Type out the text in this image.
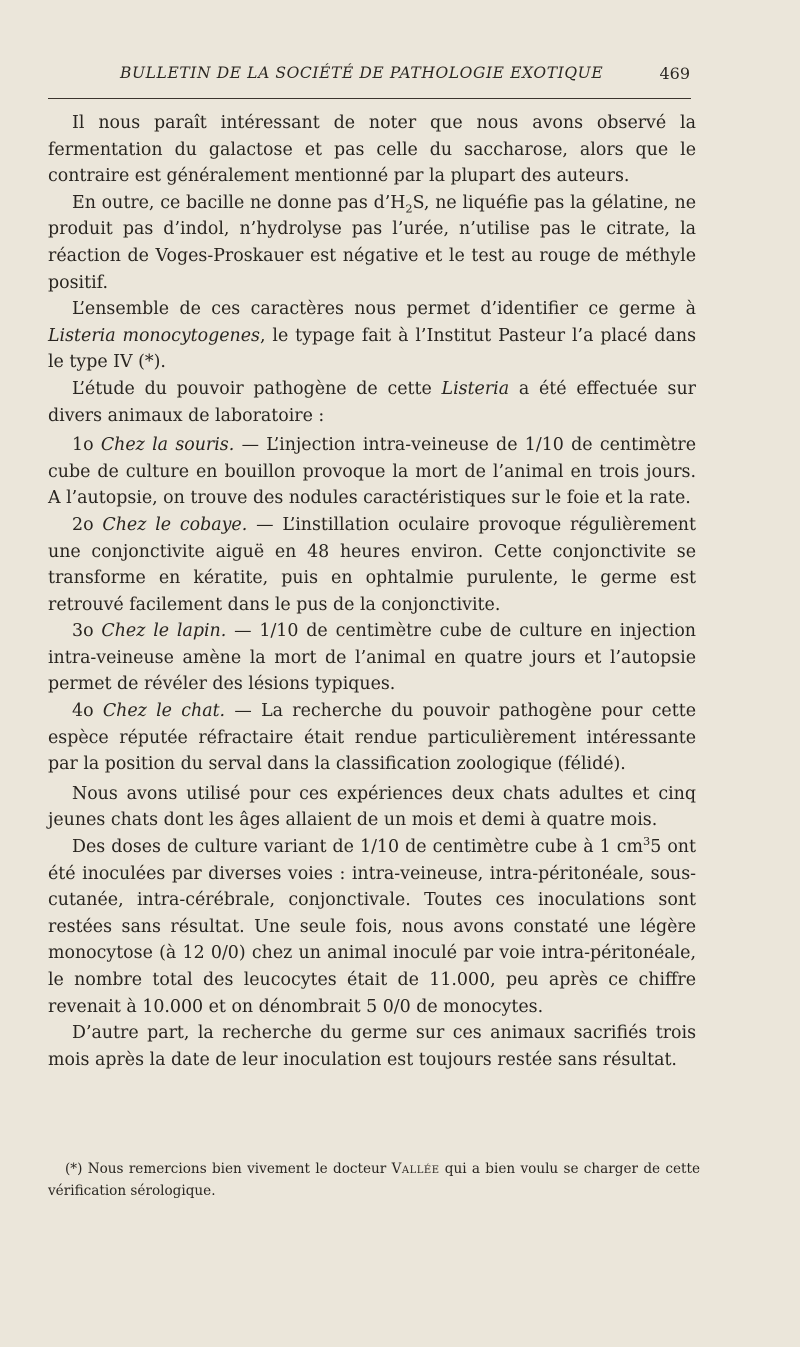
BULLETIN DE LA SOCIÉTÉ DE PATHOLOGIE EXOTIQUE	469

Il nous paraît intéressant de noter que nous avons observé la fermentation du galactose et pas celle du saccharose, alors que le contraire est généralement mentionné par la plupart des auteurs.

En outre, ce bacille ne donne pas $d’H_2S$, ne liquéfie pas la gélatine, ne produit pas d’indol, n’hydrolyse pas l’urée, n’utilise pas le citrate, la réaction de Voges-Proskauer est négative et le test au rouge de méthyle positif.

L’ensemble de ces caractères nous permet d’identifier ce germe à Listeria monocytogenes, le typage fait à l’Institut Pasteur l’a placé dans le type IV (*).

L’étude du pouvoir pathogène de cette Listeria a été effectuée sur divers animaux de laboratoire :

1o Chez la souris. — L’injection intra-veineuse de 1/10 de centimètre cube de culture en bouillon provoque la mort de l’animal en trois jours. A l’autopsie, on trouve des nodules caractéristiques sur le foie et la rate.

2o Chez le cobaye. — L’instillation oculaire provoque régulièrement une conjonctivite aiguë en 48 heures environ. Cette conjonctivite se transforme en kératite, puis en ophtalmie purulente, le germe est retrouvé facilement dans le pus de la conjonctivite.

3o Chez le lapin. — 1/10 de centimètre cube de culture en injection intra-veineuse amène la mort de l’animal en quatre jours et l’autopsie permet de révéler des lésions typiques.

4o Chez le chat. — La recherche du pouvoir pathogène pour cette espèce réputée réfractaire était rendue particulièrement intéressante par la position du serval dans la classification zoologique (félidé).

Nous avons utilisé pour ces expériences deux chats adultes et cinq jeunes chats dont les âges allaient de un mois et demi à quatre mois.

Des doses de culture variant de 1/10 de centimètre cube à 1 $cm^35$ ont été inoculées par diverses voies : intra-veineuse, intra-péritonéale, sous-cutanée, intra-cérébrale, conjonctivale. Toutes ces inoculations sont restées sans résultat. Une seule fois, nous avons constaté une légère monocytose (à 12 0/0) chez un animal inoculé par voie intra-péritonéale, le nombre total des leucocytes était de 11.000, peu après ce chiffre revenait à 10.000 et on dénombrait 5 0/0 de monocytes.

D’autre part, la recherche du germe sur ces animaux sacrifiés trois mois après la date de leur inoculation est toujours restée sans résultat.

(*) Nous remercions bien vivement le docteur Vallée qui a bien voulu se charger de cette vérification sérologique.
